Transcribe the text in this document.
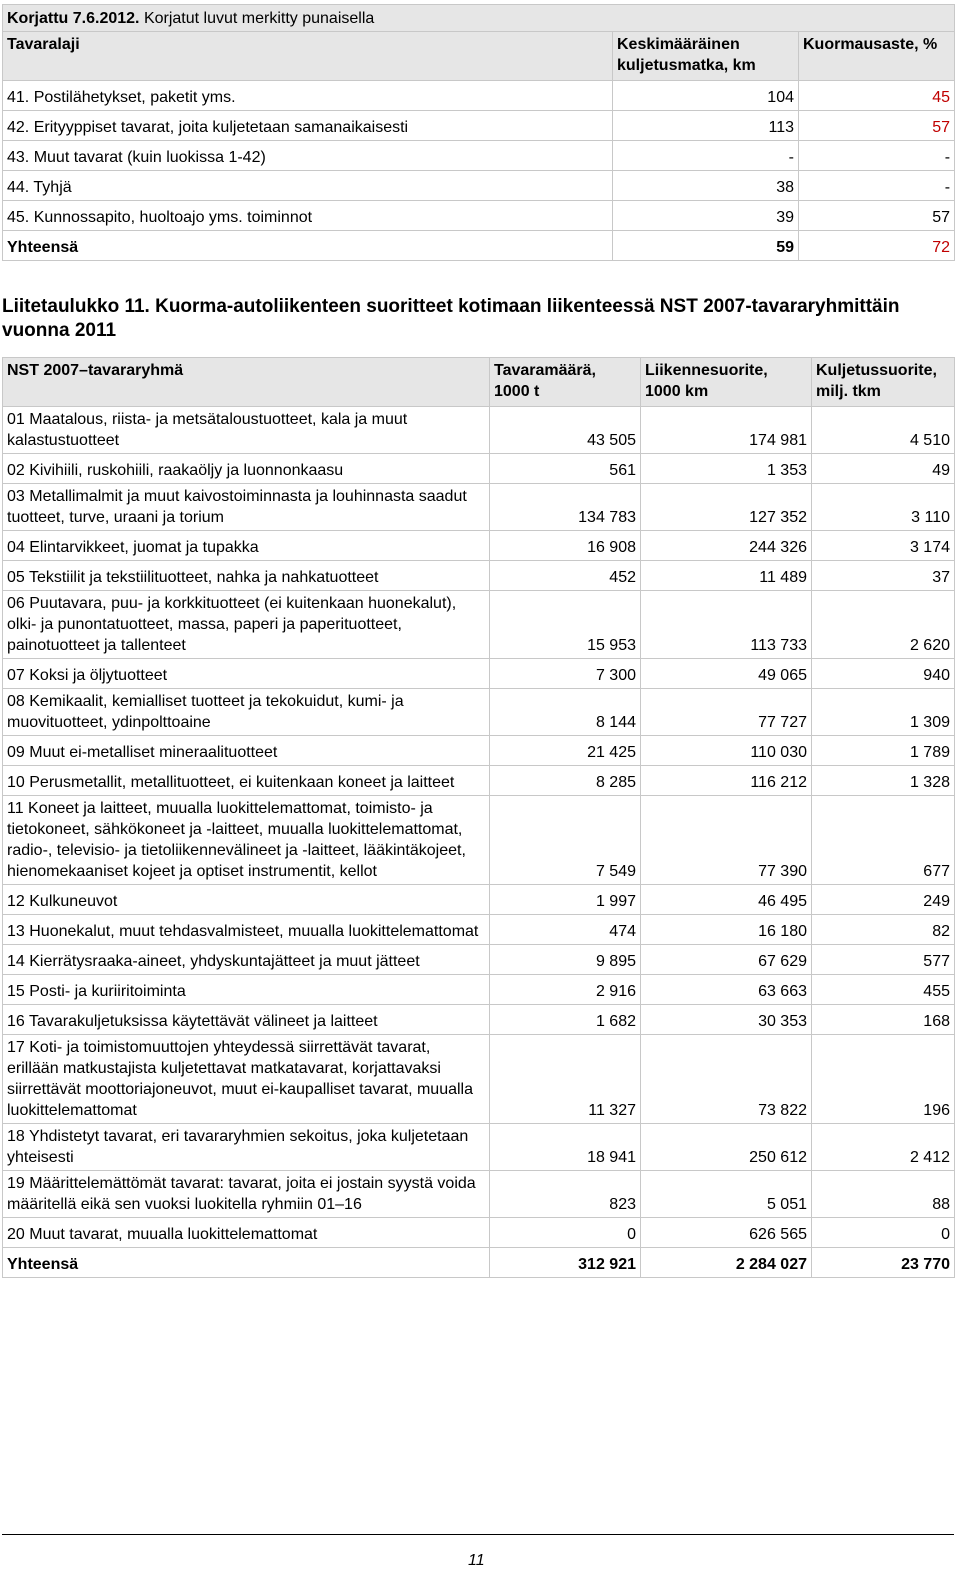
Korjattu 7.6.2012. Korjatut luvut merkitty punaisella		
Tavaralaji	Keskimääräinen kuljetusmatka, km	Kuormausaste, %
41. Postilähetykset, paketit yms.	104	45
42. Erityyppiset tavarat, joita kuljetetaan samanaikaisesti	113	57
43. Muut tavarat (kuin luokissa 1-42)	-	-
44. Tyhjä	38	-
45. Kunnossapito, huoltoajo yms. toiminnot	39	57
Yhteensä	59	72
Liitetaulukko 11. Kuorma-autoliikenteen suoritteet kotimaan liikenteessä NST 2007-tavararyhmittäin vuonna 2011
NST 2007–tavararyhmä	Tavaramäärä, 1000 t	Liikennesuorite, 1000 km	Kuljetussuorite, milj. tkm
01 Maatalous, riista- ja metsätaloustuotteet, kala ja muut kalastustuotteet	43 505	174 981	4 510
02 Kivihiili, ruskohiili, raakaöljy ja luonnonkaasu	561	1 353	49
03 Metallimalmit ja muut kaivostoiminnasta ja louhinnasta saadut tuotteet, turve, uraani ja torium	134 783	127 352	3 110
04 Elintarvikkeet, juomat ja tupakka	16 908	244 326	3 174
05 Tekstiilit ja tekstiilituotteet, nahka ja nahkatuotteet	452	11 489	37
06 Puutavara, puu- ja korkkituotteet (ei kuitenkaan huonekalut), olki- ja punontatuotteet, massa, paperi ja paperituotteet, painotuotteet ja tallenteet	15 953	113 733	2 620
07 Koksi ja öljytuotteet	7 300	49 065	940
08 Kemikaalit, kemialliset tuotteet ja tekokuidut, kumi- ja muovituotteet, ydinpolttoaine	8 144	77 727	1 309
09 Muut ei-metalliset mineraalituotteet	21 425	110 030	1 789
10 Perusmetallit, metallituotteet, ei kuitenkaan koneet ja laitteet	8 285	116 212	1 328
11 Koneet ja laitteet, muualla luokittelemattomat, toimisto- ja tietokoneet, sähkökoneet ja -laitteet, muualla luokittelemattomat, radio-, televisio- ja tietoliikennevälineet ja -laitteet, lääkintäkojeet, hienomekaaniset kojeet ja optiset instrumentit, kellot	7 549	77 390	677
12 Kulkuneuvot	1 997	46 495	249
13 Huonekalut, muut tehdasvalmisteet, muualla luokittelemattomat	474	16 180	82
14 Kierrätysraaka-aineet, yhdyskuntajätteet ja muut jätteet	9 895	67 629	577
15 Posti- ja kuriiritoiminta	2 916	63 663	455
16 Tavarakuljetuksissa käytettävät välineet ja laitteet	1 682	30 353	168
17 Koti- ja toimistomuuttojen yhteydessä siirrettävät tavarat, erillään matkustajista kuljetettavat matkatavarat, korjattavaksi siirrettävät moottoriajoneuvot, muut ei-kaupalliset tavarat, muualla luokittelemattomat	11 327	73 822	196
18 Yhdistetyt tavarat, eri tavararyhmien sekoitus, joka kuljetetaan yhteisesti	18 941	250 612	2 412
19 Määrittelemättömät tavarat: tavarat, joita ei jostain syystä voida määritellä eikä sen vuoksi luokitella ryhmiin 01–16	823	5 051	88
20 Muut tavarat, muualla luokittelemattomat	0	626 565	0
Yhteensä	312 921	2 284 027	23 770
11
